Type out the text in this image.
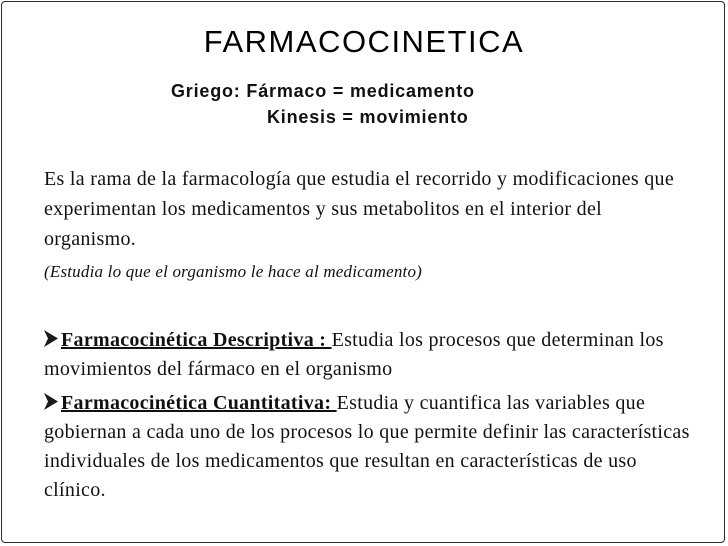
FARMACOCINETICA
Griego: Fármaco = medicamento
Kinesis = movimiento
Es la rama de la farmacología que estudia el recorrido y modificaciones que experimentan los medicamentos y sus metabolitos en el interior del organismo.
(Estudia lo que el organismo le hace al medicamento)
Farmacocinética Descriptiva : Estudia los procesos que determinan los movimientos del fármaco en el organismo
Farmacocinética Cuantitativa: Estudia y cuantifica las variables que gobiernan a cada uno de los procesos lo que permite definir las características individuales de los medicamentos que resultan en características de uso clínico.
